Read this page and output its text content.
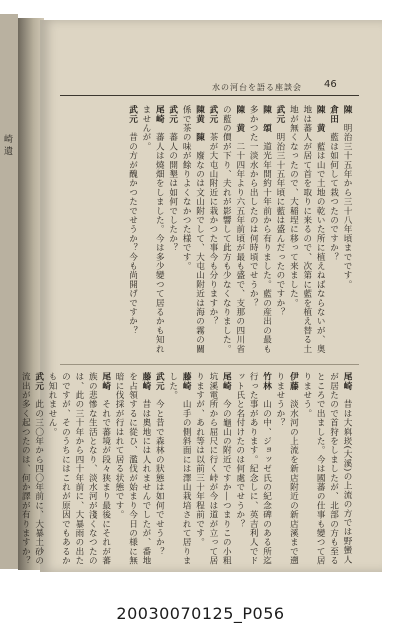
崎 遺
46
水の河台を語る座談会
陳　明治三十五年から三十八年頃までです。
倉田　藍は如何して栽つたのですか？
陳　黄　藍は山で土地の乾いた所に植えねばならないが、奥地は蕃人が居て首を取りに来るので、次第に藍を植え替る土地が無くなったので、大稲埕に移って来ました。
武元　明治三十五年頃に藍は盛んだったのですか？
陳　頌　道光年間約十年前から有りました。藍の産出の最も多かつた一淡水から出したのは何時頃でせうか？
陳　黄　二十四年より六五年前頃が最も盛で、支那の四川省の藍の價が下り、夫れが影響して此方も少なくなりました。
武元　茶が大屯山附近に栽かつた事今も分りますか？
陳黄　陳　廢なのは文山附でして、大屯山附近は海の霧の關係で茶の味が餘りよくなかつた様です。
武元　蕃人の開墾は如何でしたか？
尾崎　蕃人は燒畑をしました。今は多少變つて居るかも知れませんが。
武元　昔の方が醜かつたでせうか？今も尚開げですか？
尾崎　昔は大嵙崁(大溪)の上流の方では野蠻人が居たので首狩をしましたが、北部の方も至るところで出ました。今は國蕃の仕事も變つて居りませう。
伊藤　淡水河の上流を新店附近の新店溪まで遡りませうか？
竹林　山の中、ジョッゼ氏の紀念碑のある所迄行った事があります。紀念しに、英吉利人でドット氏と名付けたのは何處でせうか？
尾崎　今の龜山の附近ですか―つまりこの小粗坑溪電所から屈尺に行く峠が今は道が立って居りますが、あれ等は以前三十年程前です。
藤崎　山手の側斜面には澤山栽培されて居りました。
武元　今と昔で森林の狀態は如何でせうか？
藤崎　昔は奧地には人れませんでしたが、番地を占領するに從ひ、濫伐が始まり今日の様に無暗に伐採が行はれて居る状態です。
尾崎　それで蕃境が段々狭まり最後にそれが蕃族の悲慘な生活となり、淡水河が淺くなつたのは、此の三十年から四十年前に、大暴雨の出たのですが、そのうちにはこれが原因でもあるかも知れません。
武元　此の三〇年から四〇年前に、大暴土砂の流出が多く起つたのは、何か譯が有りますか？
20030070125_P056
